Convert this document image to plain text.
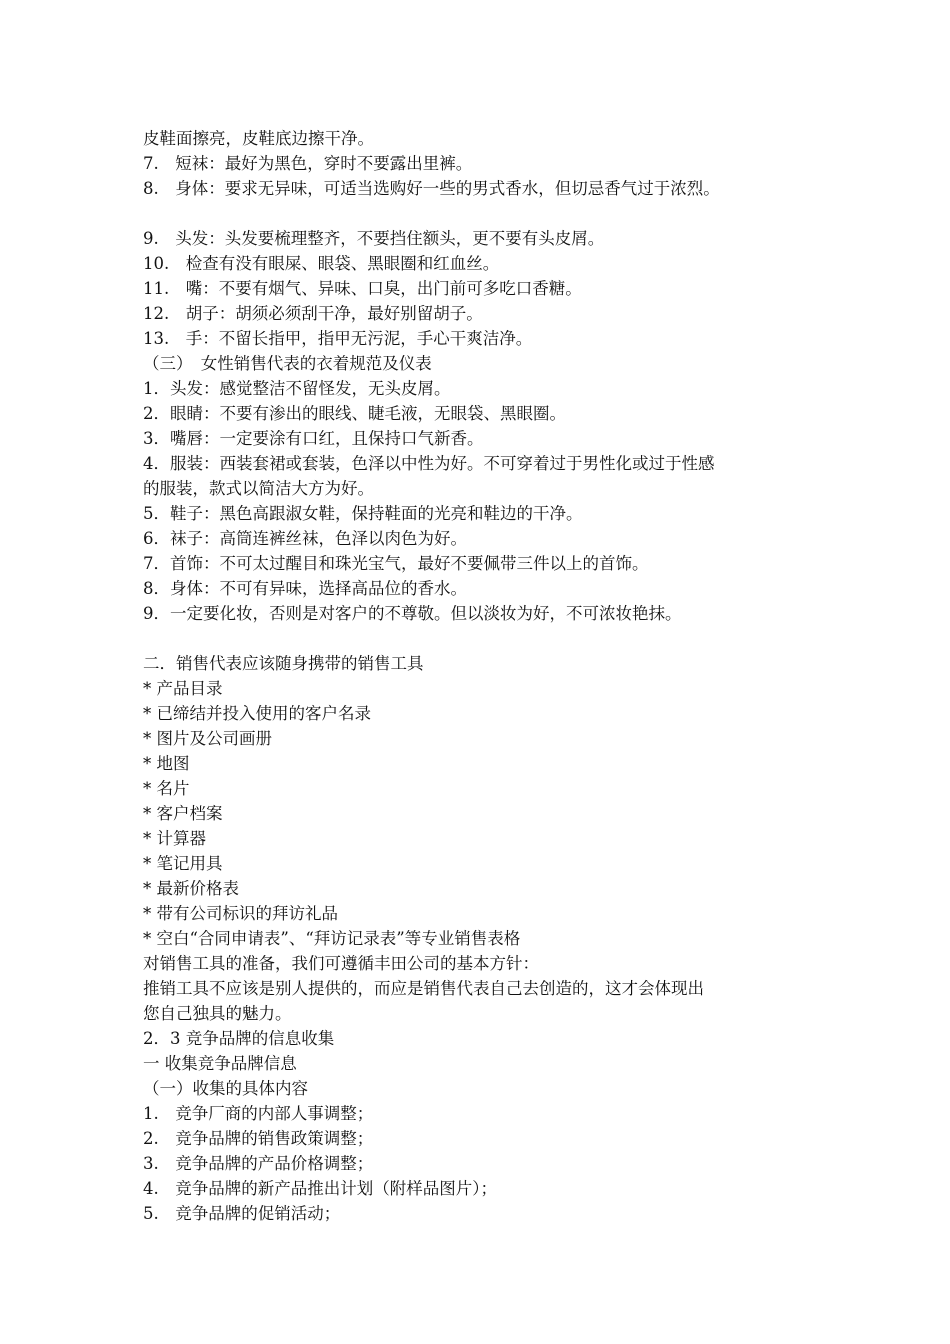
皮鞋面擦亮，皮鞋底边擦干净。
7.　短袜：最好为黑色，穿时不要露出里裤。
8.　身体：要求无异味，可适当选购好一些的男式香水，但切忌香气过于浓烈。
9.　头发：头发要梳理整齐，不要挡住额头，更不要有头皮屑。
10.　检查有没有眼屎、眼袋、黑眼圈和红血丝。
11.　嘴：不要有烟气、异味、口臭，出门前可多吃口香糖。
12.　胡子：胡须必须刮干净，最好别留胡子。
13.　手：不留长指甲，指甲无污泥，手心干爽洁净。
（三）　女性销售代表的衣着规范及仪表
1．头发：感觉整洁不留怪发，无头皮屑。
2．眼睛：不要有渗出的眼线、睫毛液，无眼袋、黑眼圈。
3．嘴唇：一定要涂有口红，且保持口气新香。
4．服装：西装套裙或套装，色泽以中性为好。不可穿着过于男性化或过于性感
的服装，款式以简洁大方为好。
5．鞋子：黑色高跟淑女鞋，保持鞋面的光亮和鞋边的干净。
6．袜子：高筒连裤丝袜，色泽以肉色为好。
7．首饰：不可太过醒目和珠光宝气，最好不要佩带三件以上的首饰。
8．身体：不可有异味，选择高品位的香水。
9．一定要化妆，否则是对客户的不尊敬。但以淡妆为好，不可浓妆艳抹。
二．销售代表应该随身携带的销售工具
* 产品目录
* 已缔结并投入使用的客户名录
* 图片及公司画册
* 地图
* 名片
* 客户档案
* 计算器
* 笔记用具
* 最新价格表
* 带有公司标识的拜访礼品
* 空白“合同申请表”、“拜访记录表”等专业销售表格
对销售工具的准备，我们可遵循丰田公司的基本方针：
推销工具不应该是别人提供的，而应是销售代表自己去创造的，这才会体现出
您自己独具的魅力。
2．3 竞争品牌的信息收集
一 收集竞争品牌信息
（一）收集的具体内容
1.　竞争厂商的内部人事调整；
2.　竞争品牌的销售政策调整；
3.　竞争品牌的产品价格调整；
4.　竞争品牌的新产品推出计划（附样品图片）；
5.　竞争品牌的促销活动；
